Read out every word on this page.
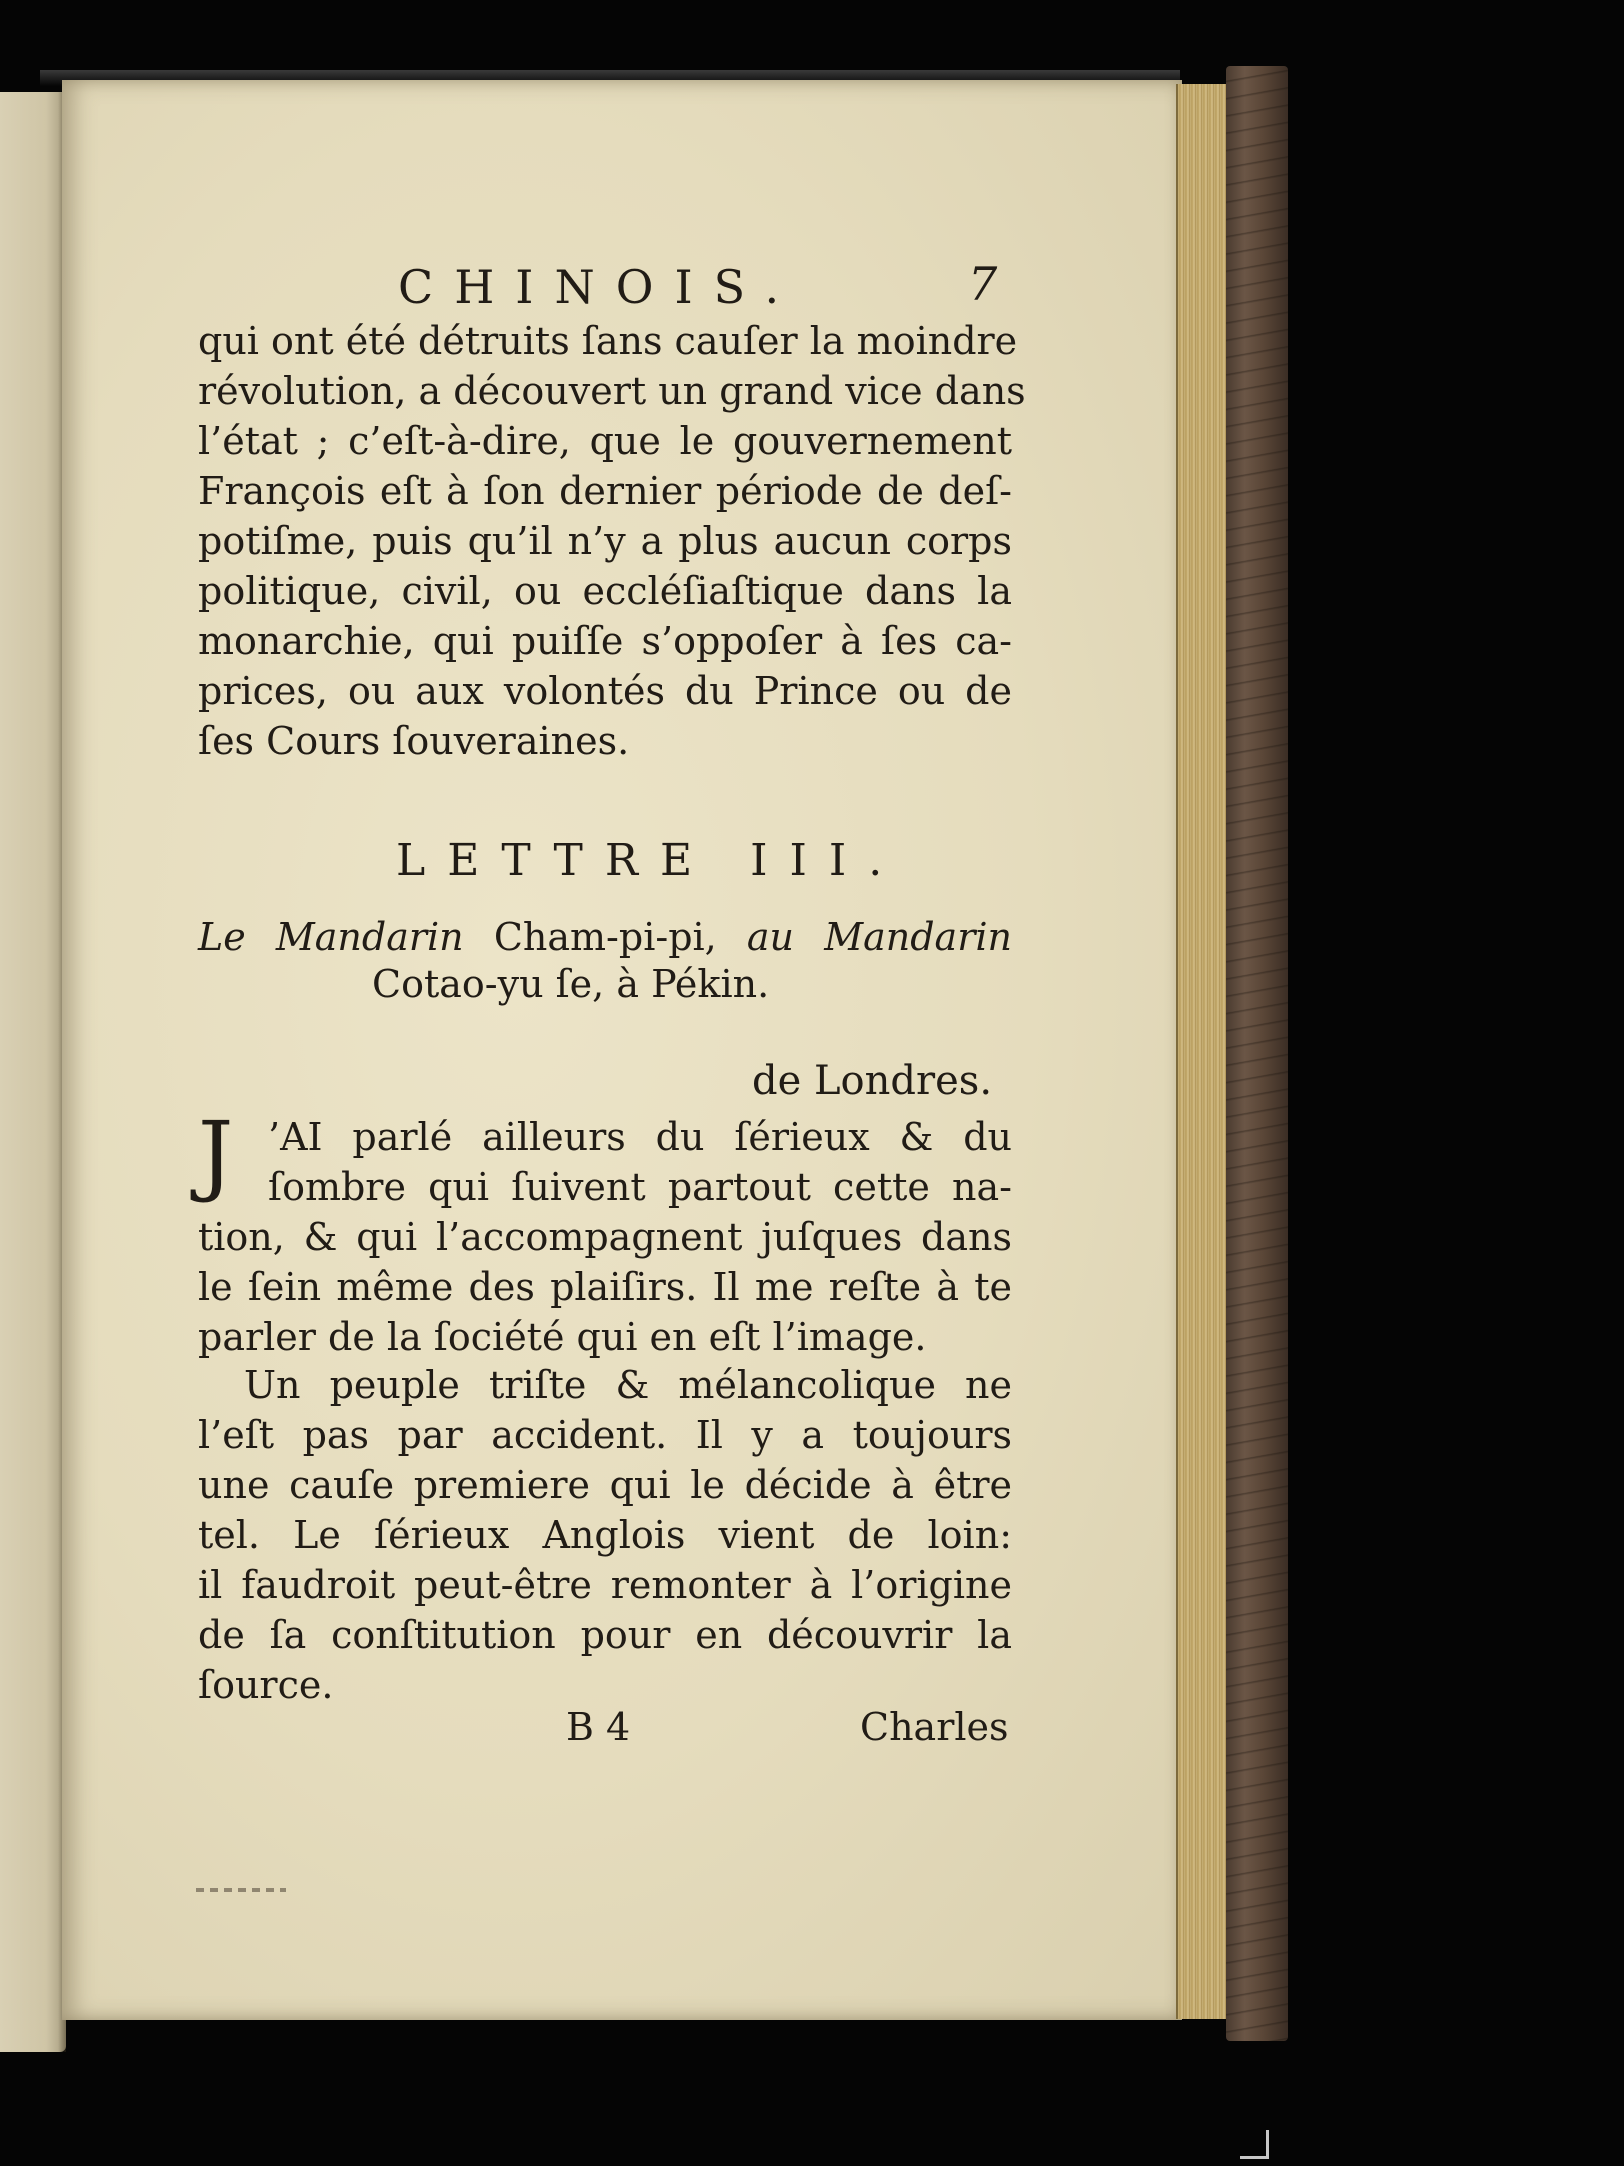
CHINOIS.	7
qui ont été détruits ſans cauſer la moindre
révolution, a découvert un grand vice dans
l’état ; c’eſt-à-dire, que le gouvernement
François eſt à ſon dernier période de deſ-
potiſme, puis qu’il n’y a plus aucun corps
politique, civil, ou eccléſiaſtique dans la
monarchie, qui puiſſe s’oppoſer à ſes ca-
prices, ou aux volontés du Prince ou de
ſes Cours ſouveraines.
LETTRE III.
Le Mandarin Cham-pi-pi, au Mandarin
Cotao-yu ſe, à Pékin.
de Londres.
J ’AI parlé ailleurs du ſérieux & du
ſombre qui ſuivent partout cette na-
tion, & qui l’accompagnent juſques dans
le ſein même des plaiſirs. Il me reſte à te
parler de la ſociété qui en eſt l’image.
Un peuple triſte & mélancolique ne
l’eſt pas par accident. Il y a toujours
une cauſe premiere qui le décide à être
tel. Le ſérieux Anglois vient de loin:
il faudroit peut-être remonter à l’origine
de ſa conſtitution pour en découvrir la
ſource.
B 4	Charles
